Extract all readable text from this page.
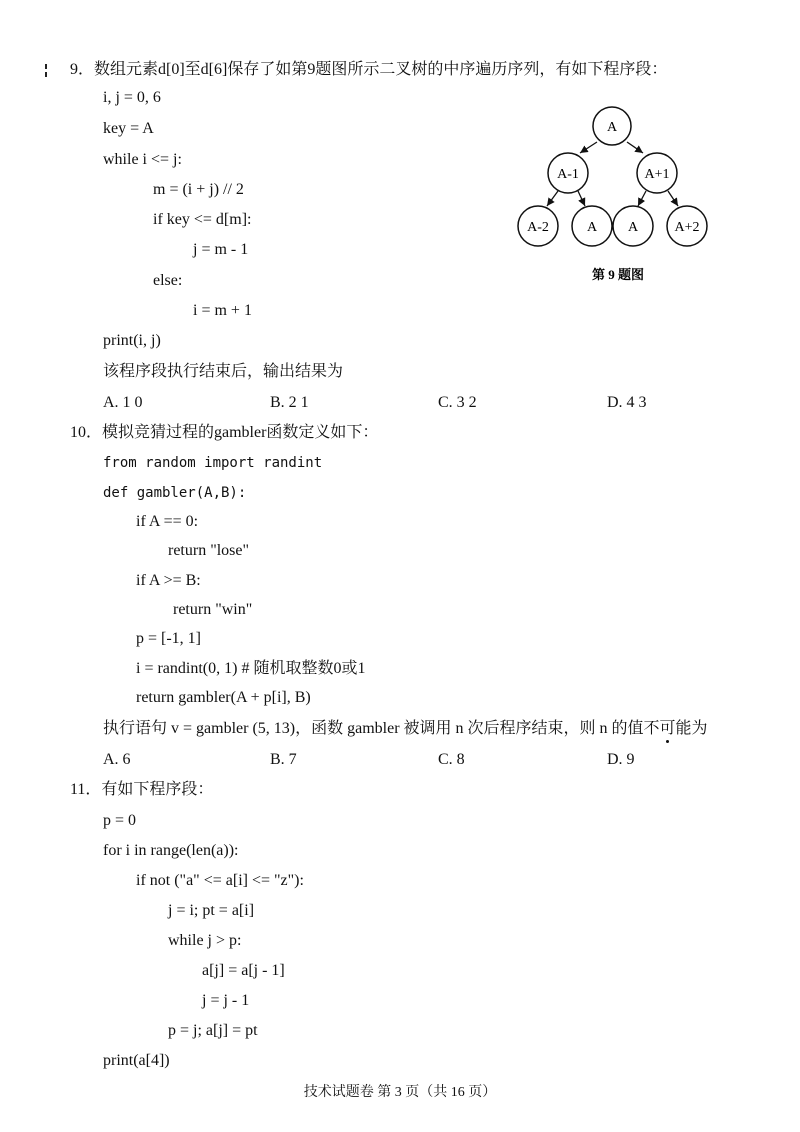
9．数组元素d[0]至d[6]保存了如第9题图所示二叉树的中序遍历序列，有如下程序段：
i, j = 0, 6
key = A
while i <= j:
m = (i + j) // 2
if key <= d[m]:
j = m - 1
else:
i = m + 1
print(i, j)
该程序段执行结束后，输出结果为
A. 1 0	B. 2 1	C. 3 2	D. 4 3
A
A-1	A+1
A-2	A A	A+2
第 9 题图
10．模拟竞猜过程的gambler函数定义如下：
from random import randint
def gambler(A,B):
if A == 0:
return "lose"
if A >= B:
return "win"
p = [-1, 1]
i = randint(0, 1) # 随机取整数0或1
return gambler(A + p[i], B)
执行语句 v = gambler (5, 13)，函数 gambler 被调用 n 次后程序结束，则 n 的值不可能为
A. 6	B. 7	C. 8	D. 9
11．有如下程序段：
p = 0
for i in range(len(a)):
if not ("a" <= a[i] <= "z"):
j = i; pt = a[i]
while j > p:
a[j] = a[j - 1]
j = j - 1
p = j; a[j] = pt
print(a[4])
技术试题卷 第 3 页（共 16 页）
